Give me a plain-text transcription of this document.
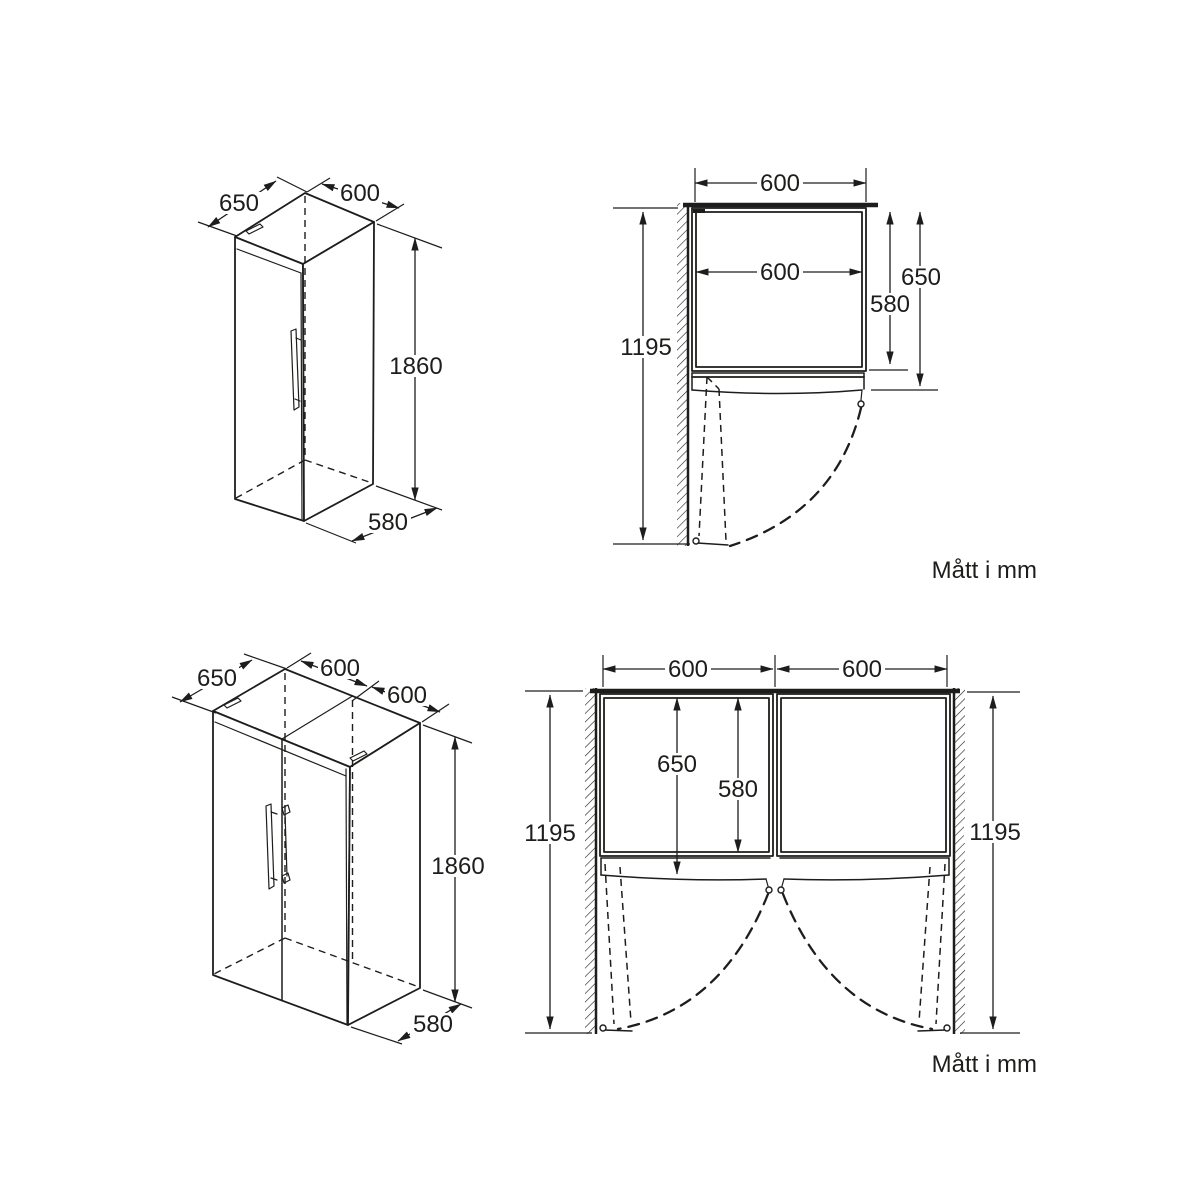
650	600
1860
580
600
600
1195
580
650
Mått i mm
650	600
600
1860
580
600	600
650
580
1195	1195
Mått i mm
